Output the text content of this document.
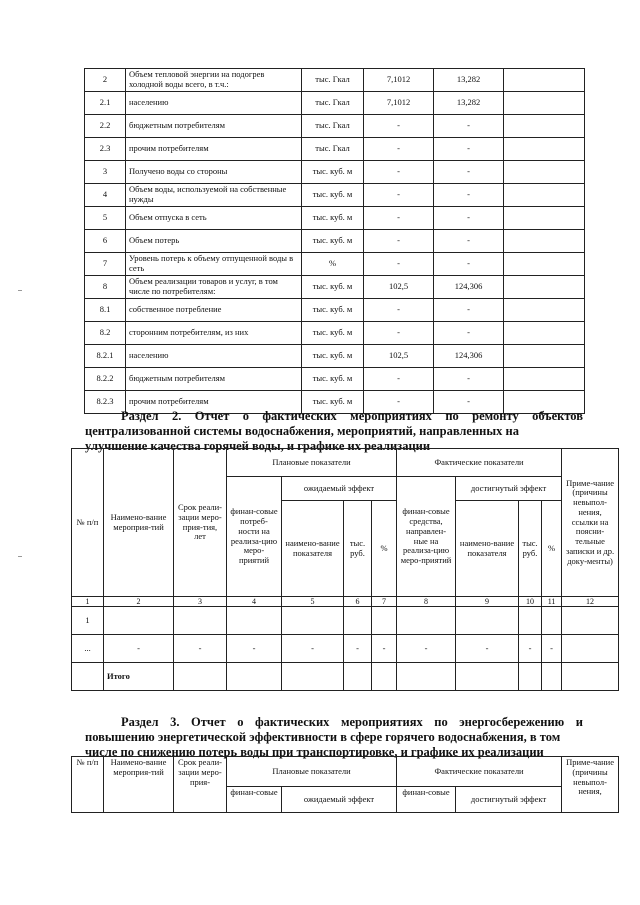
2	Объем тепловой энергии на подогрев холодной воды всего, в т.ч.:	тыс. Гкал	7,1012	13,282	
2.1	населению	тыс. Гкал	7,1012	13,282	
2.2	бюджетным потребителям	тыс. Гкал	-	-	
2.3	прочим потребителям	тыс. Гкал	-	-	
3	Получено воды со стороны	тыс. куб. м	-	-	
4	Объем воды, используемой на собственные нужды	тыс. куб. м	-	-	
5	Объем отпуска в сеть	тыс. куб. м	-	-	
6	Объем потерь	тыс. куб. м	-	-	
7	Уровень потерь к объему отпущенной воды в сеть	%	-	-	
8	Объем реализации товаров и услуг, в том числе по потребителям:	тыс. куб. м	102,5	124,306	
8.1	собственное потребление	тыс. куб. м	-	-	
8.2	сторонним потребителям, из них	тыс. куб. м	-	-	
8.2.1	населению	тыс. куб. м	102,5	124,306	
8.2.2	бюджетным потребителям	тыс. куб. м	-	-	
8.2.3	прочим потребителям	тыс. куб. м	-	-	
Раздел 2. Отчет о фактических мероприятиях по ремонту объектов централизованной системы водоснабжения, мероприятий, направленных на
улучшение качества горячей воды, и графике их реализации
№ п/п	Наимено-вание мероприя-тий	Срок реали-зации меро-прия-тия, лет	Плановые показатели				Фактические показатели				Приме-чание (причины невыпол-нения, ссылки на поясни-тельные записки и др. доку-менты)
			финан-совые потреб-ности на реализа-цию меро-приятий	ожидаемый эффект			финан-совые средства, направлен-ные на реализа-цию меро-приятий	достигнутый эффект			
				наимено-вание показателя	тыс. руб.	%		наимено-вание показателя	тыс. руб.	%	
1	2	3	4	5	6	7	8	9	10	11	12
1											
...	-	-	-	-	-	-	-	-	-	-	
	Итого										
Раздел 3. Отчет о фактических мероприятиях по энергосбережению и повышению энергетической эффективности в сфере горячего водоснабжения, в том
числе по снижению потерь воды при транспортировке, и графике их реализации
№ п/п	Наимено-вание мероприя-тий	Срок реали-зации меро-прия-	Плановые показатели		Фактические показатели		Приме-чание (причины невыпол-нения,
			финан-совые	ожидаемый эффект	финан-совые	достигнутый эффект	
